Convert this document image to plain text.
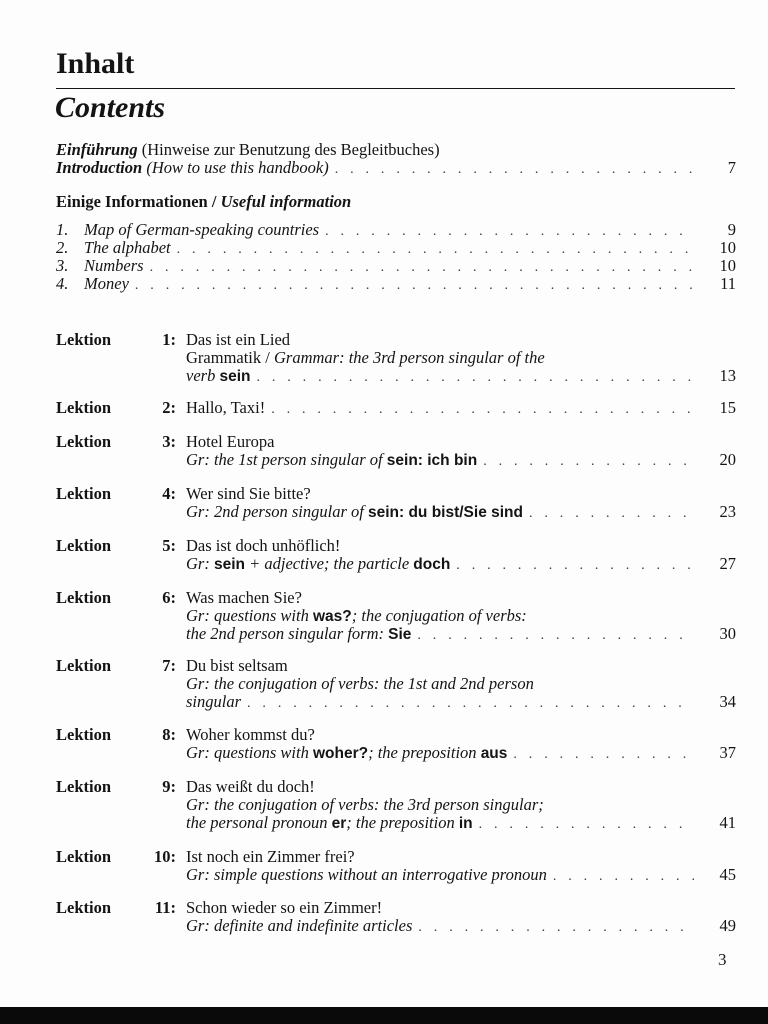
Inhalt
Contents
Einführung (Hinweise zur Benutzung des Begleitbuches)
Introduction
(How to use this handbook) . . .	7
Einige Informationen / Useful information
1. Map of German-speaking countries . . .	9
2. The alphabet . . .	10
3. Numbers . . .	10
4. Money . . .	11
Lektion	1: Das ist ein Lied
Grammatik / Grammar: the 3rd person singular of the
verb sein . . .	13
Lektion	2: Hallo, Taxi! . . .	15
Lektion	3: Hotel Europa
Gr: the 1st person singular of sein: ich bin . . .	20
Lektion	4: Wer sind Sie bitte?
Gr: 2nd person singular of sein: du bist/Sie sind . . .	23
Lektion	5: Das ist doch unhöflich!
Gr: sein + adjective; the particle doch . . .	27
Lektion	6: Was machen Sie?
Gr: questions with was?; the conjugation of verbs:
the 2nd person singular form: Sie . . .	30
Lektion	7: Du bist seltsam
Gr: the conjugation of verbs: the 1st and 2nd person
singular . . .	34
Lektion	8: Woher kommst du?
Gr: questions with woher?; the preposition aus . . .	37
Lektion	9: Das weißt du doch!
Gr: the conjugation of verbs: the 3rd person singular;
the personal pronoun er; the preposition in . . .	41
Lektion	10: Ist noch ein Zimmer frei?
Gr: simple questions without an interrogative pronoun . . .	45
Lektion	11: Schon wieder so ein Zimmer!
Gr: definite and indefinite articles . . .	49
3
